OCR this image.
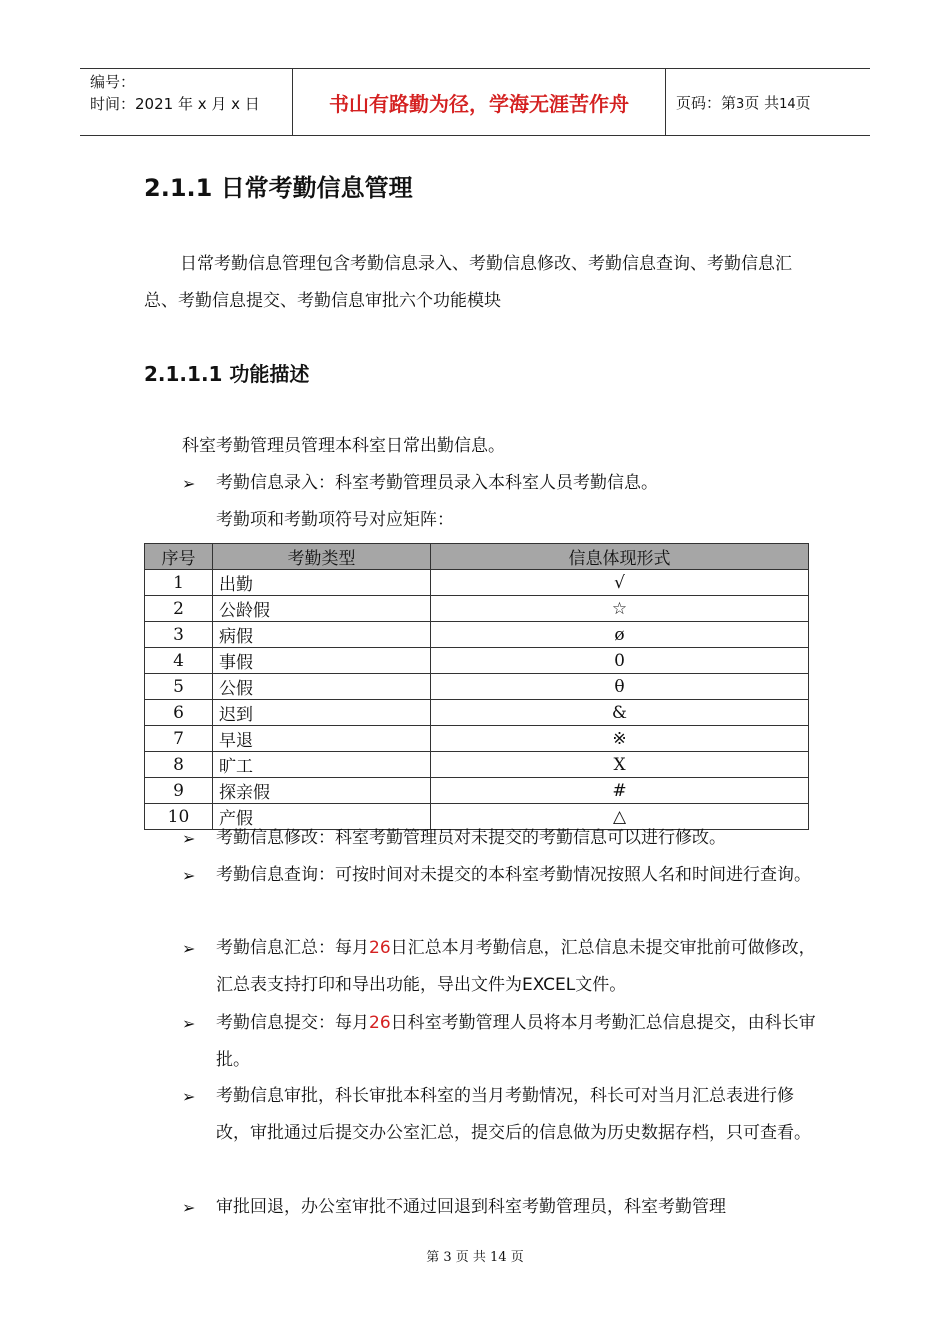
编号：
时间：2021 年 x 月 x 日	书山有路勤为径，学海无涯苦作舟	页码：第3页 共14页
2.1.1 日常考勤信息管理
日常考勤信息管理包含考勤信息录入、考勤信息修改、考勤信息查询、考勤信息汇总、考勤信息提交、考勤信息审批六个功能模块
2.1.1.1 功能描述
科室考勤管理员管理本科室日常出勤信息。
➢	考勤信息录入：科室考勤管理员录入本科室人员考勤信息。
考勤项和考勤项符号对应矩阵：
序号	考勤类型	信息体现形式
1	出勤	√
2	公龄假	☆
3	病假	ø
4	事假	0
5	公假	θ
6	迟到	&
7	早退	※
8	旷工	X
9	探亲假	#
10	产假	△
➢	考勤信息修改：科室考勤管理员对未提交的考勤信息可以进行修改。
➢	考勤信息查询：可按时间对未提交的本科室考勤情况按照人名和时间进行查询。
➢	考勤信息汇总：每月26日汇总本月考勤信息，汇总信息未提交审批前可做修改，汇总表支持打印和导出功能，导出文件为EXCEL文件。
➢	考勤信息提交：每月26日科室考勤管理人员将本月考勤汇总信息提交，由科长审批。
➢	考勤信息审批，科长审批本科室的当月考勤情况，科长可对当月汇总表进行修改，审批通过后提交办公室汇总，提交后的信息做为历史数据存档，只可查看。
➢	审批回退，办公室审批不通过回退到科室考勤管理员，科室考勤管理
第 3 页 共 14 页
